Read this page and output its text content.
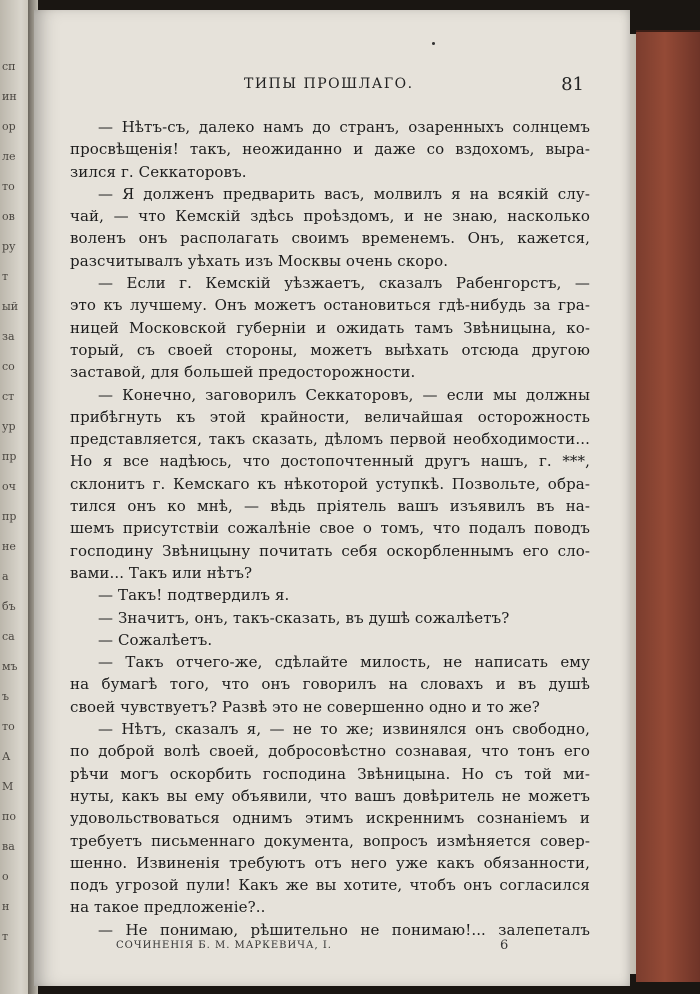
сп
ин
ор
ле
то
ов
ру
т
ый
за
со
ст
ур
пр
оч
пр
не
а
бъ
са
мъ
ъ
то
А
М
по
ва
о
н
т
ТИПЫ ПРОШЛАГО.	81
— Нѣтъ-съ, далеко намъ до странъ, озаренныхъ солнцемъ
просвѣщенія! такъ, неожиданно и даже со вздохомъ, выра-
зился г. Секкаторовъ.
— Я долженъ предварить васъ, молвилъ я на всякій слу-
чай, — что Кемскій здѣсь проѣздомъ, и не знаю, насколько
воленъ онъ располагать своимъ временемъ. Онъ, кажется,
разсчитывалъ уѣхать изъ Москвы очень скоро.
— Если г. Кемскій уѣзжаетъ, сказалъ Рабенгорстъ, —
это къ лучшему. Онъ можетъ остановиться гдѣ-нибудь за гра-
ницей Московской губерніи и ожидать тамъ Звѣницына, ко-
торый, съ своей стороны, можетъ выѣхать отсюда другою
заставой, для большей предосторожности.
— Конечно, заговорилъ Секкаторовъ, — если мы должны
прибѣгнуть къ этой крайности, величайшая осторожность
представляется, такъ сказать, дѣломъ первой необходимости...
Но я все надѣюсь, что достопочтенный другъ нашъ, г. ***,
склонитъ г. Кемскаго къ нѣкоторой уступкѣ. Позвольте, обра-
тился онъ ко мнѣ, — вѣдь пріятель вашъ изъявилъ въ на-
шемъ присутствіи сожалѣніе свое о томъ, что подалъ поводъ
господину Звѣницыну почитать себя оскорбленнымъ его сло-
вами... Такъ или нѣтъ?
— Такъ! подтвердилъ я.
— Значитъ, онъ, такъ-сказать, въ душѣ сожалѣетъ?
— Сожалѣетъ.
— Такъ отчего-же, сдѣлайте милость, не написать ему
на бумагѣ того, что онъ говорилъ на словахъ и въ душѣ
своей чувствуетъ? Развѣ это не совершенно одно и то же?
— Нѣтъ, сказалъ я, — не то же; извинялся онъ свободно,
по доброй волѣ своей, добросовѣстно сознавая, что тонъ его
рѣчи могъ оскорбить господина Звѣницына. Но съ той ми-
нуты, какъ вы ему объявили, что вашъ довѣритель не можетъ
удовольствоваться однимъ этимъ искреннимъ сознаніемъ и
требуетъ письменнаго документа, вопросъ измѣняется совер-
шенно. Извиненія требуютъ отъ него уже какъ обязанности,
подъ угрозой пули! Какъ же вы хотите, чтобъ онъ согласился
на такое предложеніе?..
— Не понимаю, рѣшительно не понимаю!... залепеталъ
СОЧИНЕНІЯ Б. М. МАРКЕВИЧА, І.	6
